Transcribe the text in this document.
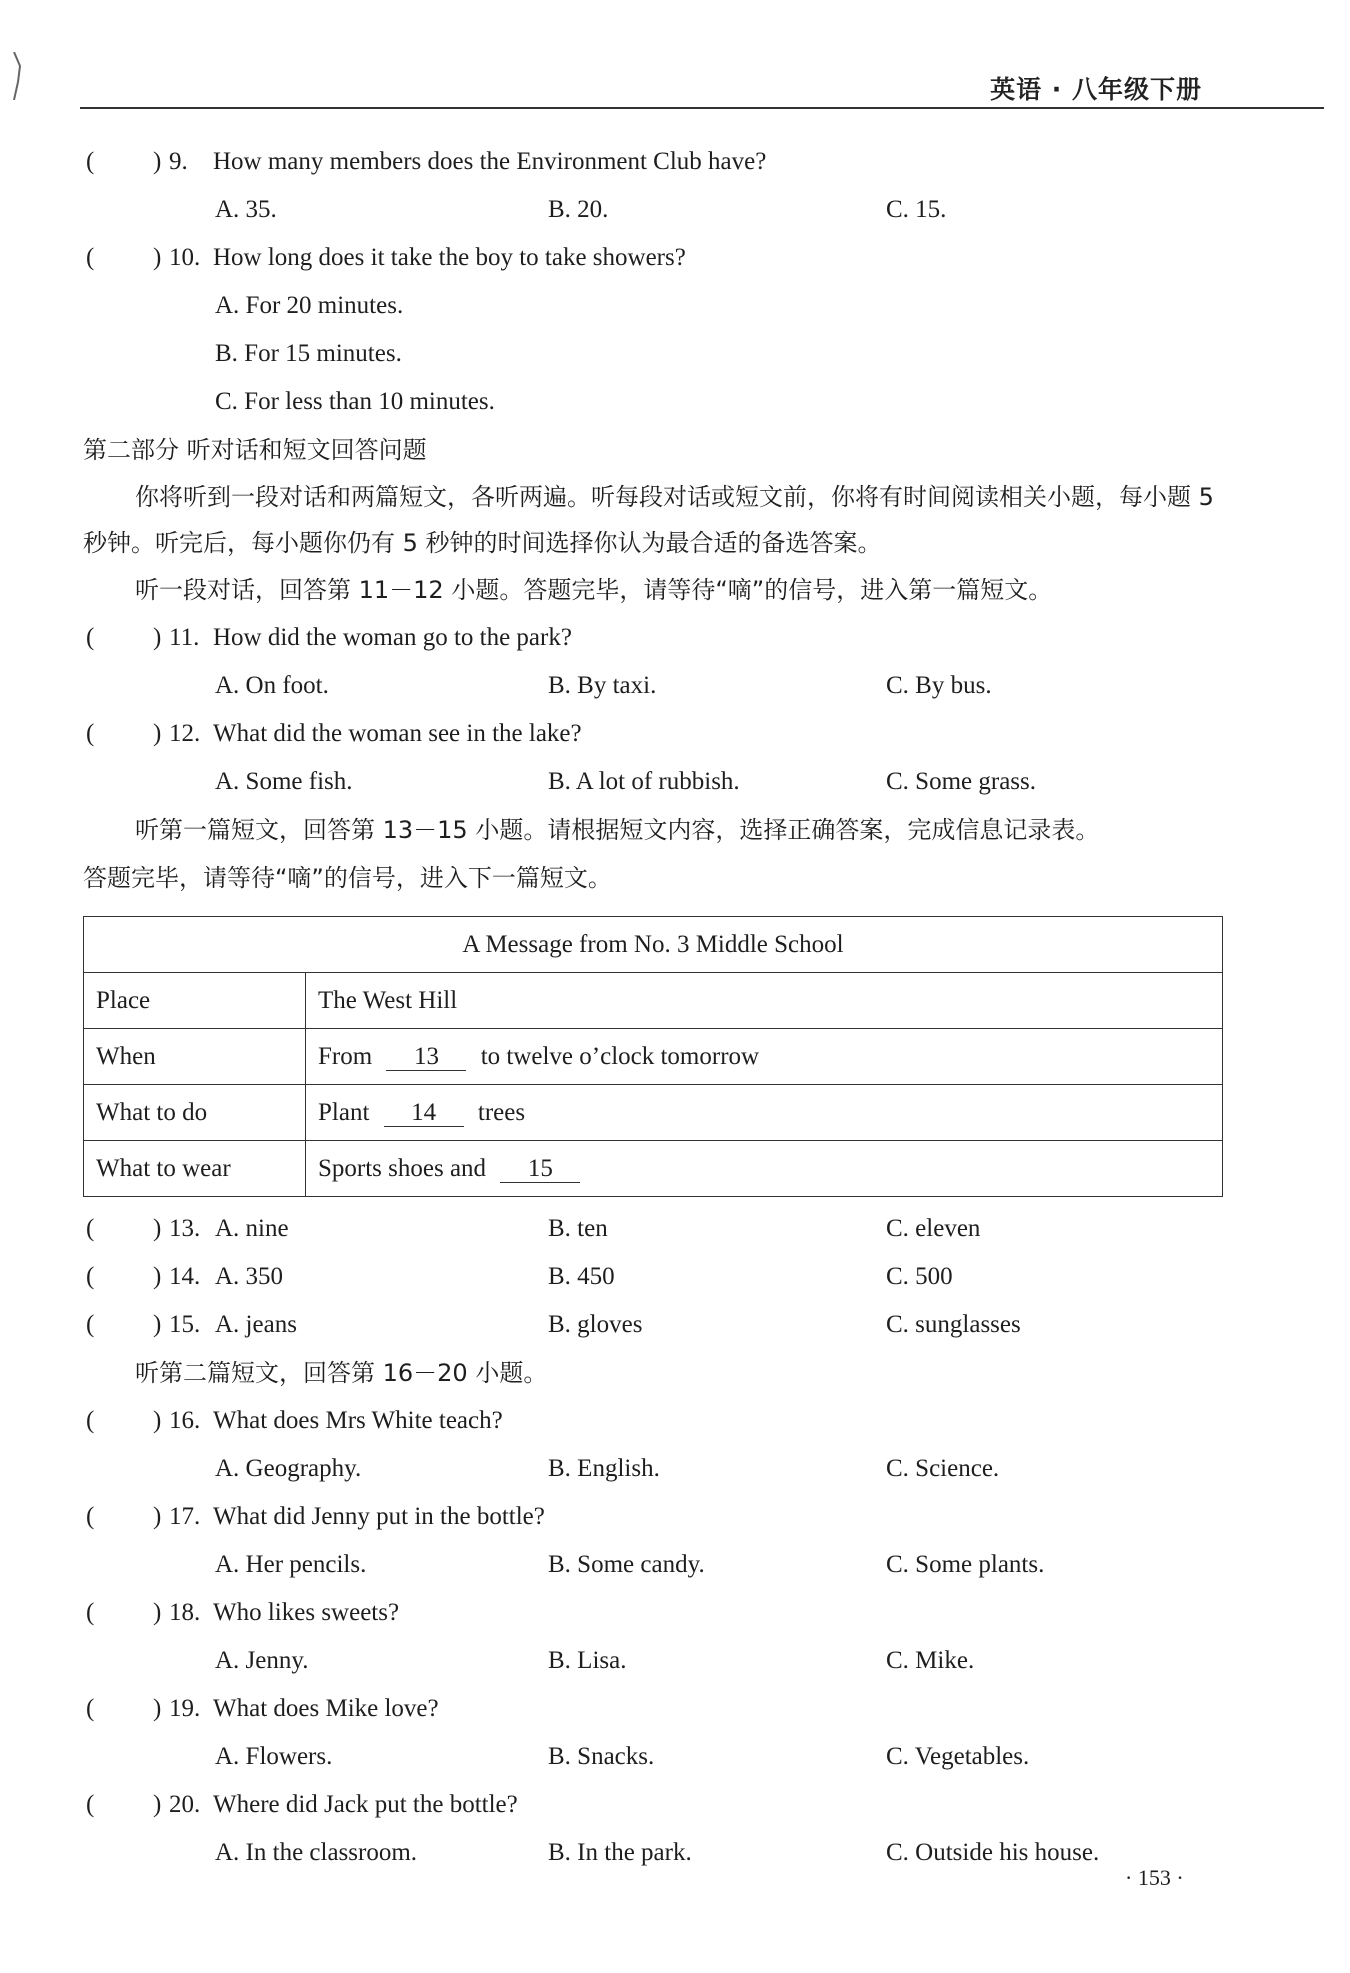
英语 · 八年级下册
( ) 9. How many members does the Environment Club have?
A. 35.	B. 20.	C. 15.
( ) 10. How long does it take the boy to take showers?
A. For 20 minutes.
B. For 15 minutes.
C. For less than 10 minutes.
第二部分 听对话和短文回答问题

你将听到一段对话和两篇短文，各听两遍。听每段对话或短文前，你将有时间阅读相关小题，每小题 5 秒钟。听完后，每小题你仍有 5 秒钟的时间选择你认为最合适的备选答案。

听一段对话，回答第 11－12 小题。答题完毕，请等待“嘀”的信号，进入第一篇短文。
( ) 11. How did the woman go to the park?
A. On foot.	B. By taxi.	C. By bus.
( ) 12. What did the woman see in the lake?
A. Some fish.	B. A lot of rubbish.	C. Some grass.
听第一篇短文，回答第 13－15 小题。请根据短文内容，选择正确答案，完成信息记录表。
答题完毕，请等待“嘀”的信号，进入下一篇短文。
A Message from No. 3 Middle School	
Place	The West Hill
When	From 13 to twelve o’clock tomorrow
What to do	Plant 14 trees
What to wear	Sports shoes and 15
( ) 13. A. nine	B. ten	C. eleven
( ) 14. A. 350	B. 450	C. 500
( ) 15. A. jeans	B. gloves	C. sunglasses
听第二篇短文，回答第 16－20 小题。
( ) 16. What does Mrs White teach?
A. Geography.	B. English.	C. Science.
( ) 17. What did Jenny put in the bottle?
A. Her pencils.	B. Some candy.	C. Some plants.
( ) 18. Who likes sweets?
A. Jenny.	B. Lisa.	C. Mike.
( ) 19. What does Mike love?
A. Flowers.	B. Snacks.	C. Vegetables.
( ) 20. Where did Jack put the bottle?
A. In the classroom.	B. In the park.	C. Outside his house.
· 153 ·
